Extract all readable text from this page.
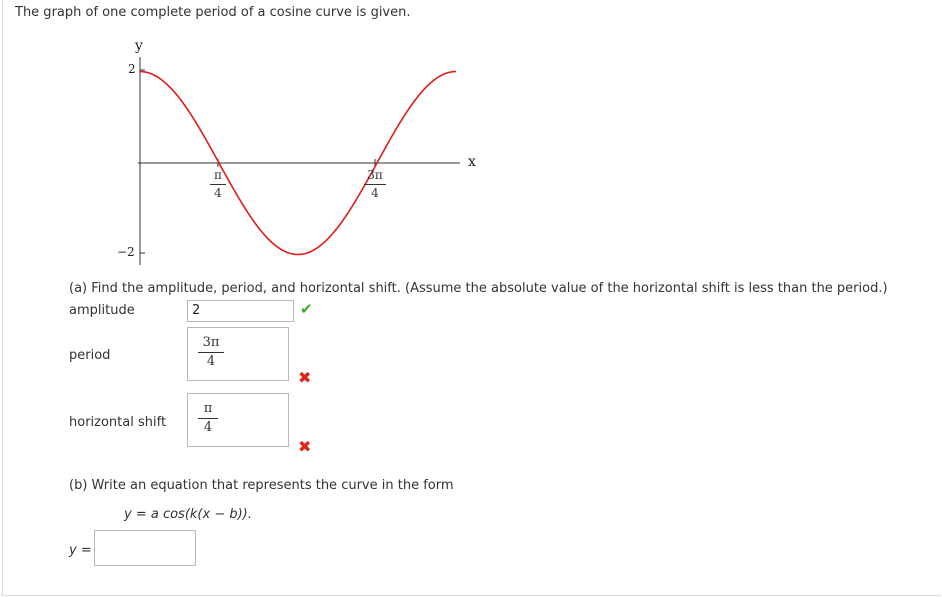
The graph of one complete period of a cosine curve is given.
y
x
2
−2
π
4
3π
4
(a) Find the amplitude, period, and horizontal shift. (Assume the absolute value of the horizontal shift is less than the period.)
amplitude	2	✔
period
3π
4
✖
horizontal shift
π
4
✖
(b) Write an equation that represents the curve in the form
y = a cos(k(x − b)).
y =
